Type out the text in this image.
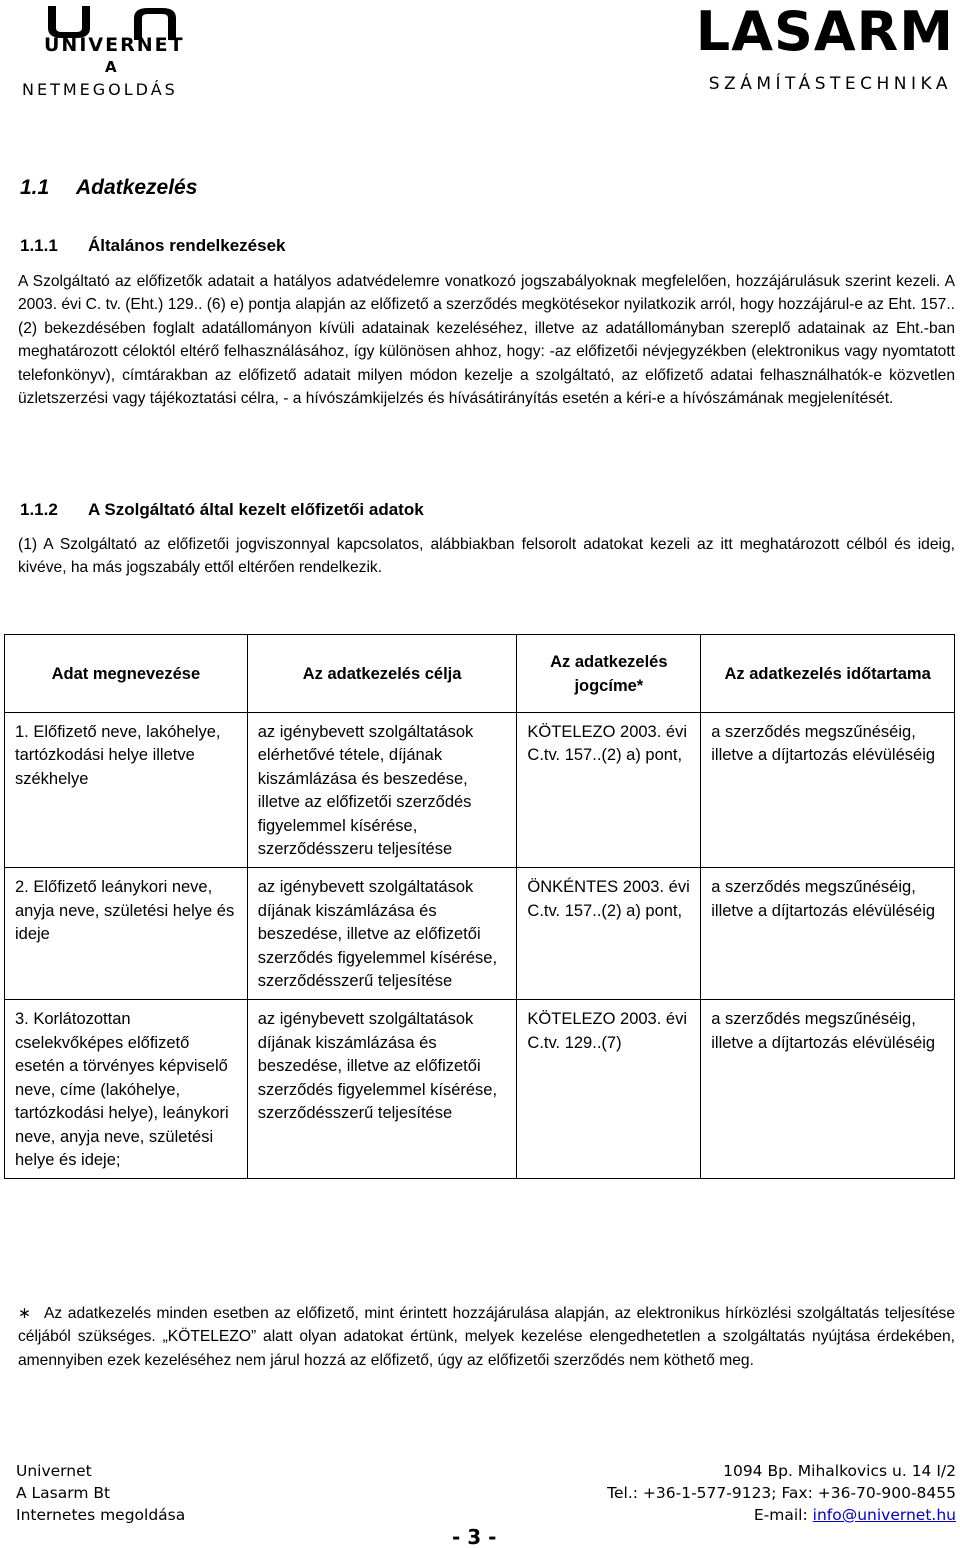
UNIVERNET
A
NETMEGOLDÁS
LASARM
SZÁMÍTÁSTECHNIKA
1.1 Adatkezelés
1.1.1 Általános rendelkezések

A Szolgáltató az előfizetők adatait a hatályos adatvédelemre vonatkozó jogszabályoknak megfelelően, hozzájárulásuk szerint kezeli. A 2003. évi C. tv. (Eht.) 129.. (6) e) pontja alapján az előfizető a szerződés megkötésekor nyilatkozik arról, hogy hozzájárul-e az Eht. 157.. (2) bekezdésében foglalt adatállományon kívüli adatainak kezeléséhez, illetve az adatállományban szereplő adatainak az Eht.-ban meghatározott céloktól eltérő felhasználásához, így különösen ahhoz, hogy: -az előfizetői névjegyzékben (elektronikus vagy nyomtatott telefonkönyv), címtárakban az előfizető adatait milyen módon kezelje a szolgáltató, az előfizető adatai felhasználhatók-e közvetlen üzletszerzési vagy tájékoztatási célra, - a hívószámkijelzés és hívásátirányítás esetén a kéri-e a hívószámának megjelenítését.

1.1.2 A Szolgáltató által kezelt előfizetői adatok

(1) A Szolgáltató az előfizetői jogviszonnyal kapcsolatos, alábbiakban felsorolt adatokat kezeli az itt meghatározott célból és ideig, kivéve, ha más jogszabály ettől eltérően rendelkezik.

Adat megnevezése	Az adatkezelés célja	Az adatkezelés jogcíme*	Az adatkezelés időtartama
1. Előfizető neve, lakóhelye, tartózkodási helye illetve székhelye	az igénybevett szolgáltatások elérhetővé tétele, díjának kiszámlázása és beszedése, illetve az előfizetői szerződés figyelemmel kísérése, szerződésszeru teljesítése	KÖTELEZO 2003. évi C.tv. 157..(2) a) pont,	a szerződés megszűnéséig, illetve a díjtartozás elévüléséig
2. Előfizető leánykori neve, anyja neve, születési helye és ideje	az igénybevett szolgáltatások díjának kiszámlázása és beszedése, illetve az előfizetői szerződés figyelemmel kísérése, szerződésszerű teljesítése	ÖNKÉNTES 2003. évi C.tv. 157..(2) a) pont,	a szerződés megszűnéséig, illetve a díjtartozás elévüléséig
3. Korlátozottan cselekvőképes előfizető esetén a törvényes képviselő neve, címe (lakóhelye, tartózkodási helye), leánykori neve, anyja neve, születési helye és ideje;	az igénybevett szolgáltatások díjának kiszámlázása és beszedése, illetve az előfizetői szerződés figyelemmel kísérése, szerződésszerű teljesítése	KÖTELEZO 2003. évi C.tv. 129..(7)	a szerződés megszűnéséig, illetve a díjtartozás elévüléséig

∗ Az adatkezelés minden esetben az előfizető, mint érintett hozzájárulása alapján, az elektronikus hírközlési szolgáltatás teljesítése céljából szükséges. „KÖTELEZO” alatt olyan adatokat értünk, melyek kezelése elengedhetetlen a szolgáltatás nyújtása érdekében, amennyiben ezek kezeléséhez nem járul hozzá az előfizető, úgy az előfizetői szerződés nem köthető meg.

Univernet
A Lasarm Bt
Internetes megoldása
1094 Bp. Mihalkovics u. 14 I/2
Tel.: +36-1-577-9123; Fax: +36-70-900-8455
E-mail: info@univernet.hu
- 3 -
